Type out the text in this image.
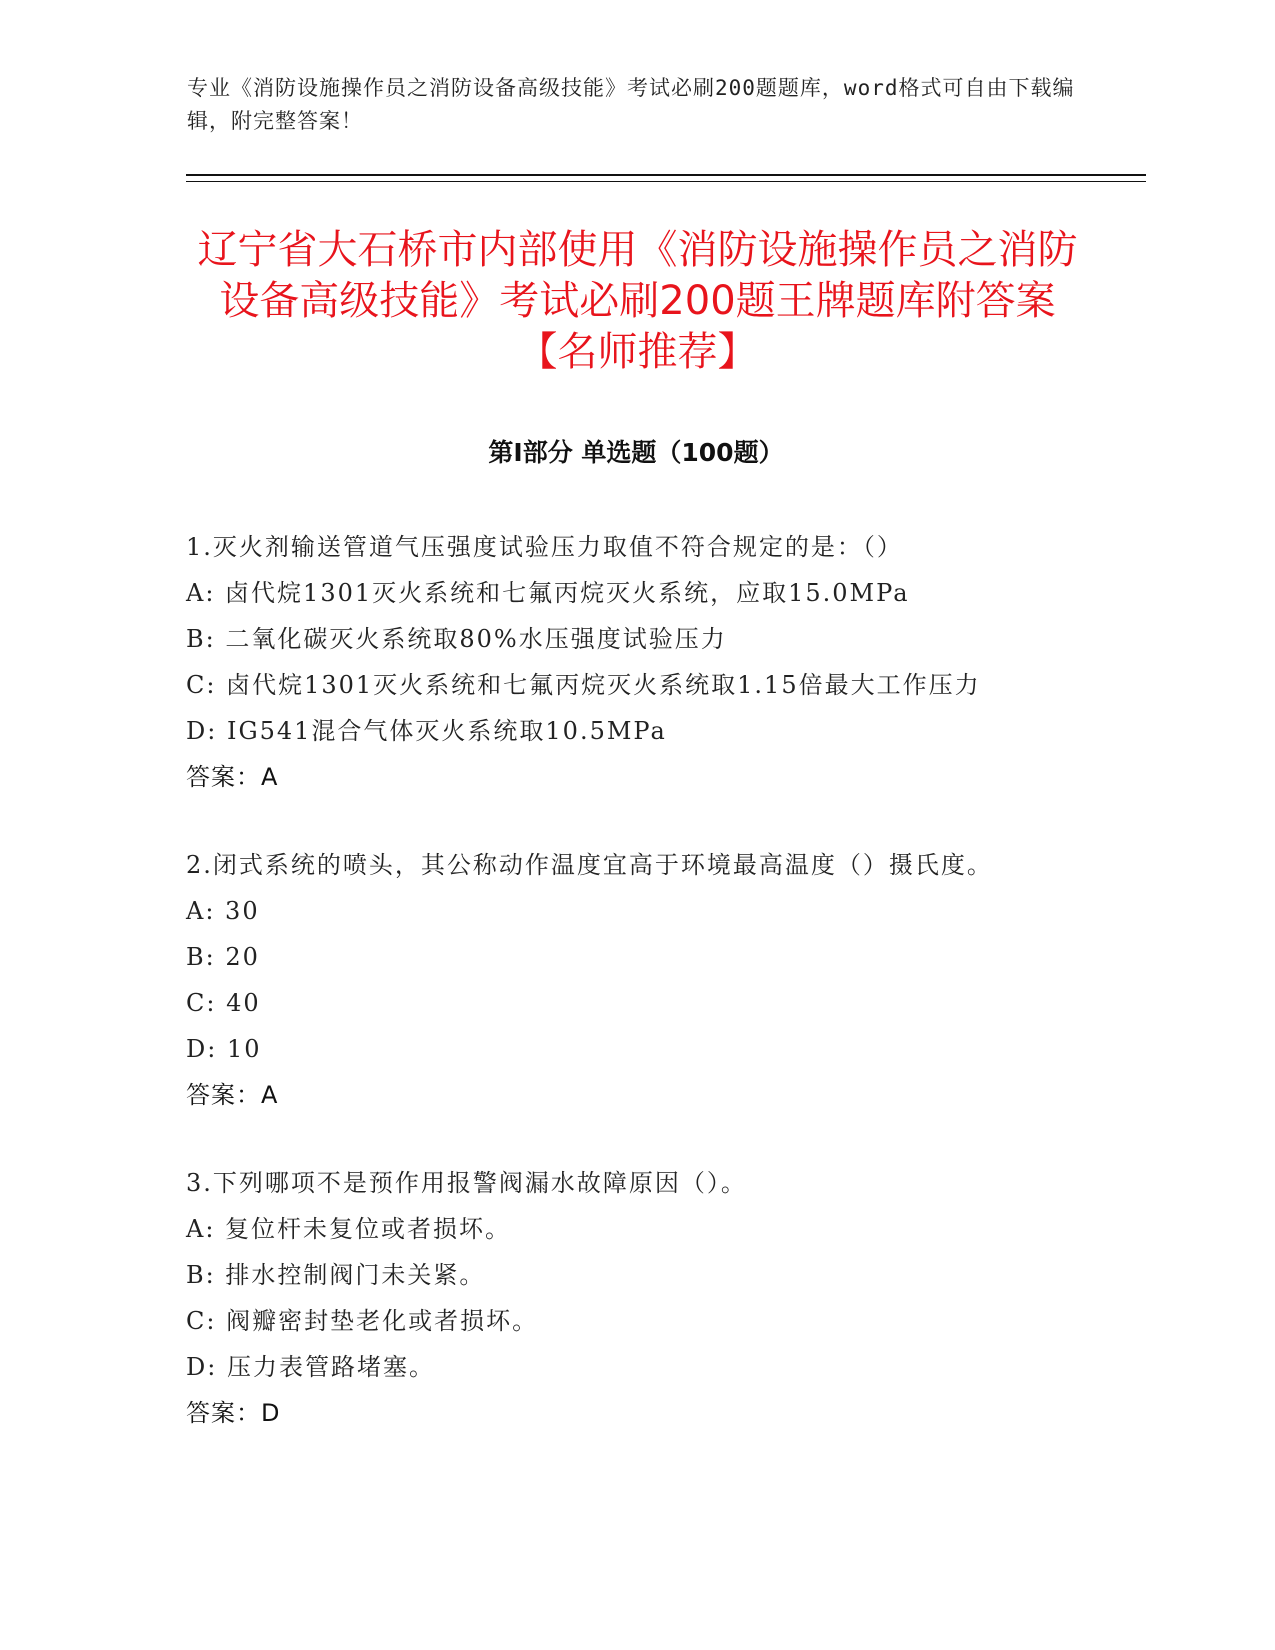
专业《消防设施操作员之消防设备高级技能》考试必刷200题题库，word格式可自由下载编辑，附完整答案！
辽宁省大石桥市内部使用《消防设施操作员之消防设备高级技能》考试必刷200题王牌题库附答案【名师推荐】
第Ⅰ部分 单选题（100题）
1.灭火剂输送管道气压强度试验压力取值不符合规定的是：（）
A: 卤代烷1301灭火系统和七氟丙烷灭火系统，应取15.0MPa
B: 二氧化碳灭火系统取80%水压强度试验压力
C: 卤代烷1301灭火系统和七氟丙烷灭火系统取1.15倍最大工作压力
D: IG541混合气体灭火系统取10.5MPa
答案：A
2.闭式系统的喷头，其公称动作温度宜高于环境最高温度（）摄氏度。
A: 30
B: 20
C: 40
D: 10
答案：A
3.下列哪项不是预作用报警阀漏水故障原因（）。
A: 复位杆未复位或者损坏。
B: 排水控制阀门未关紧。
C: 阀瓣密封垫老化或者损坏。
D: 压力表管路堵塞。
答案：D
